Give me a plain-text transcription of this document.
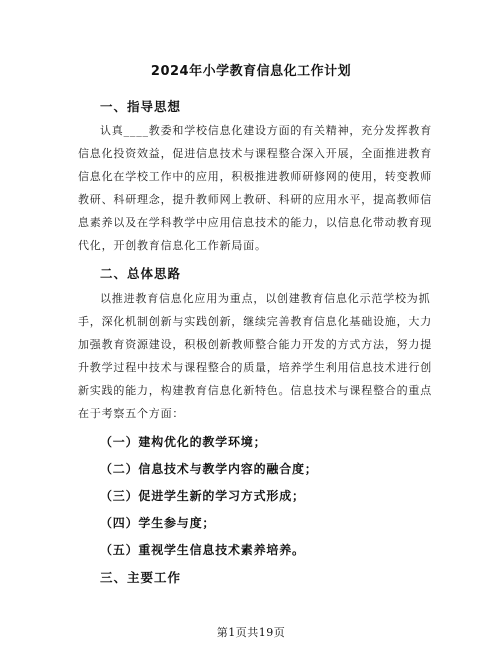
2024年小学教育信息化工作计划
一、指导思想
认真____教委和学校信息化建设方面的有关精神，充分发挥教育
信息化投资效益，促进信息技术与课程整合深入开展，全面推进教育
信息化在学校工作中的应用，积极推进教师研修网的使用，转变教师
教研、科研理念，提升教师网上教研、科研的应用水平，提高教师信
息素养以及在学科教学中应用信息技术的能力，以信息化带动教育现
代化，开创教育信息化工作新局面。
二、总体思路
以推进教育信息化应用为重点，以创建教育信息化示范学校为抓
手，深化机制创新与实践创新，继续完善教育信息化基础设施，大力
加强教育资源建设，积极创新教师整合能力开发的方式方法，努力提
升教学过程中技术与课程整合的质量，培养学生利用信息技术进行创
新实践的能力，构建教育信息化新特色。信息技术与课程整合的重点
在于考察五个方面：
（一）建构优化的教学环境；
（二）信息技术与教学内容的融合度；
（三）促进学生新的学习方式形成；
（四）学生参与度；
（五）重视学生信息技术素养培养。
三、主要工作
第1页共19页
